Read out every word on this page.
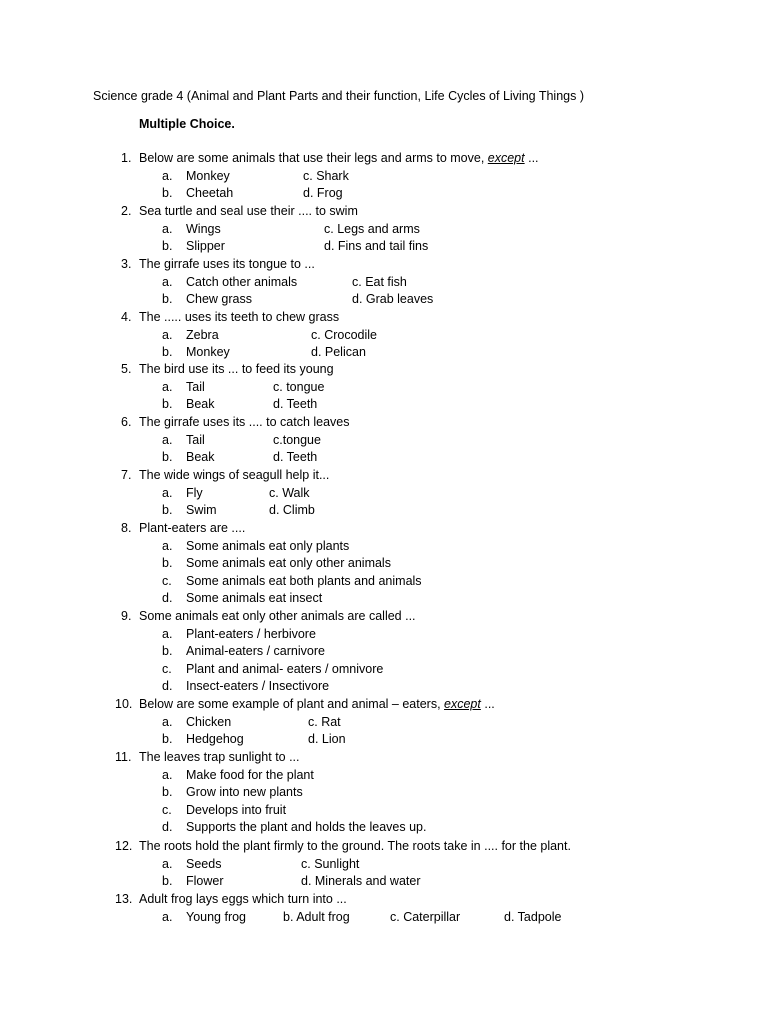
Science grade 4 (Animal and Plant Parts and their function, Life Cycles of Living Things )
Multiple Choice.
1. Below are some animals that use their legs and arms to move, except ...
a. Monkey	c. Shark
b. Cheetah	d. Frog
2. Sea turtle and seal use their .... to swim
a. Wings	c. Legs and arms
b. Slipper	d. Fins and tail fins
3. The girrafe uses its tongue to ...
a. Catch other animals	c. Eat fish
b. Chew grass	d. Grab leaves
4. The ..... uses its teeth to chew grass
a. Zebra	c. Crocodile
b. Monkey	d. Pelican
5. The bird use its ... to feed its young
a. Tail	c. tongue
b. Beak	d. Teeth
6. The girrafe uses its .... to catch leaves
a. Tail	c.tongue
b. Beak	d. Teeth
7. The wide wings of seagull help it...
a. Fly	c. Walk
b. Swim	d. Climb
8. Plant-eaters are ....
a. Some animals eat only plants
b. Some animals eat only other animals
c. Some animals eat both plants and animals
d. Some animals eat insect
9. Some animals eat only other animals are called ...
a. Plant-eaters / herbivore
b. Animal-eaters / carnivore
c. Plant and animal- eaters / omnivore
d. Insect-eaters / Insectivore
10. Below are some example of plant and animal – eaters, except ...
a. Chicken	c. Rat
b. Hedgehog	d. Lion
11. The leaves trap sunlight to ...
a. Make food for the plant
b. Grow into new plants
c. Develops into fruit
d. Supports the plant and holds the leaves up.
12. The roots hold the plant firmly to the ground. The roots take in .... for the plant.
a. Seeds	c. Sunlight
b. Flower	d. Minerals and water
13. Adult frog lays eggs which turn into ...
a. Young frog	b. Adult frog	c. Caterpillar	d. Tadpole
